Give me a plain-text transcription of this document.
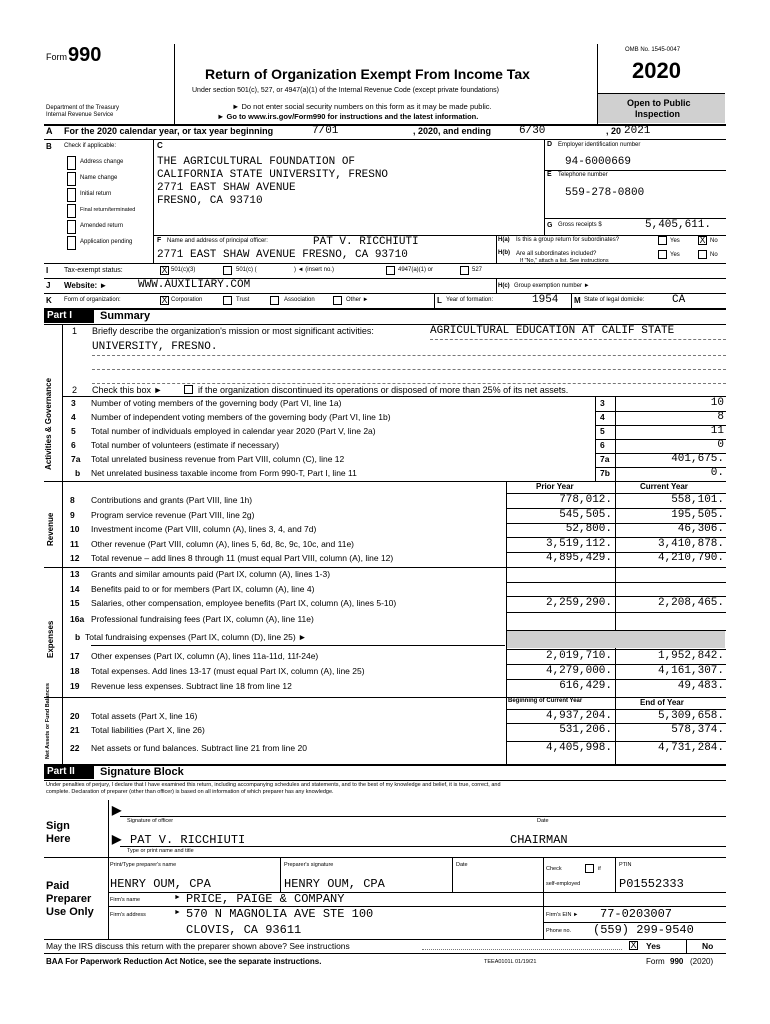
Form 990
Return of Organization Exempt From Income Tax
Under section 501(c), 527, or 4947(a)(1) of the Internal Revenue Code (except private foundations)
► Do not enter social security numbers on this form as it may be made public.
► Go to www.irs.gov/Form990 for instructions and the latest information.
Department of the Treasury
Internal Revenue Service
OMB No. 1545-0047
2020
Open to Public
Inspection
A For the 2020 calendar year, or tax year beginning	7/01	, 2020, and ending	6/30	, 20 2021
B Check if applicable:
Address change
Name change
Initial return
Final return/terminated
Amended return
Application pending
C
THE AGRICULTURAL FOUNDATION OF
CALIFORNIA STATE UNIVERSITY, FRESNO
2771 EAST SHAW AVENUE
FRESNO, CA 93710
D Employer identification number
94-6000669
E Telephone number
559-278-0800
G Gross receipts $	5,405,611.
F Name and address of principal officer:	PAT V. RICCHIUTI
2771 EAST SHAW AVENUE FRESNO, CA 93710
H(a) Is this a group return for subordinates?	Yes X No
H(b) Are all subordinates included?
If "No," attach a list. See instructions
Yes	No
I Tax-exempt status:	X 501(c)(3)	501(c) (	) ◄ (insert no.)	4947(a)(1) or	527
J Website: ►	WWW.AUXILIARY.COM	H(c) Group exemption number ►
K Form of organization:	X Corporation	Trust	Association	Other ►	L Year of formation:	1954 M State of legal domicile:	CA
Part I	Summary
1 Briefly describe the organization's mission or most significant activities:	AGRICULTURAL EDUCATION AT CALIF STATE
UNIVERSITY, FRESNO.
2 Check this box ►	if the organization discontinued its operations or disposed of more than 25% of its net assets.
Activities & Governance
Prior Year	Current Year
Revenue
Expenses
Beginning of Current Year	End of Year
Net Assets or Fund Balances
Part II	Signature Block
Under penalties of perjury, I declare that I have examined this return, including accompanying schedules and statements, and to the best of my knowledge and belief, it is true, correct, and
complete. Declaration of preparer (other than officer) is based on all information of which preparer has any knowledge.
Sign
Here
▶
Signature of officer	Date
▶ PAT V. RICCHIUTI	CHAIRMAN
Type or print name and title
Paid
Preparer
Use Only
Print/Type preparer's name	Preparer's signature	Date
Check	if
self-employed
PTIN
HENRY OUM, CPA	HENRY OUM, CPA	P01552333
Firm's name	► PRICE, PAIGE & COMPANY
Firm's address	► 570 N MAGNOLIA AVE STE 100
CLOVIS, CA 93611
Firm's EIN ► 77-0203007
Phone no. (559) 299-9540
May the IRS discuss this return with the preparer shown above? See instructions	X Yes	No
BAA For Paperwork Reduction Act Notice, see the separate instructions.	TEEA0101L 01/19/21	Form 990 (2020)
3 Number of voting members of the governing body (Part VI, line 1a)	3	10
4 Number of independent voting members of the governing body (Part VI, line 1b)	4	8
5 Total number of individuals employed in calendar year 2020 (Part V, line 2a)	5	11
6 Total number of volunteers (estimate if necessary)	6	0
7a Total unrelated business revenue from Part VIII, column (C), line 12	7a	401,675.
b Net unrelated business taxable income from Form 990-T, Part I, line 11	7b	0.
8 Contributions and grants (Part VIII, line 1h)	778,012.	558,101.
9 Program service revenue (Part VIII, line 2g)	545,505.	195,505.
10 Investment income (Part VIII, column (A), lines 3, 4, and 7d)	52,800.	46,306.
11 Other revenue (Part VIII, column (A), lines 5, 6d, 8c, 9c, 10c, and 11e)	3,519,112.	3,410,878.
12 Total revenue – add lines 8 through 11 (must equal Part VIII, column (A), line 12)	4,895,429.	4,210,790.
13 Grants and similar amounts paid (Part IX, column (A), lines 1-3)
14 Benefits paid to or for members (Part IX, column (A), line 4)
15 Salaries, other compensation, employee benefits (Part IX, column (A), lines 5-10)	2,259,290.	2,208,465.
16a Professional fundraising fees (Part IX, column (A), line 11e)
b Total fundraising expenses (Part IX, column (D), line 25) ►
17 Other expenses (Part IX, column (A), lines 11a-11d, 11f-24e)	2,019,710.	1,952,842.
18 Total expenses. Add lines 13-17 (must equal Part IX, column (A), line 25)	4,279,000.	4,161,307.
19 Revenue less expenses. Subtract line 18 from line 12	616,429.	49,483.
20 Total assets (Part X, line 16)	4,937,204.	5,309,658.
21 Total liabilities (Part X, line 26)	531,206.	578,374.
22 Net assets or fund balances. Subtract line 21 from line 20	4,405,998.	4,731,284.
